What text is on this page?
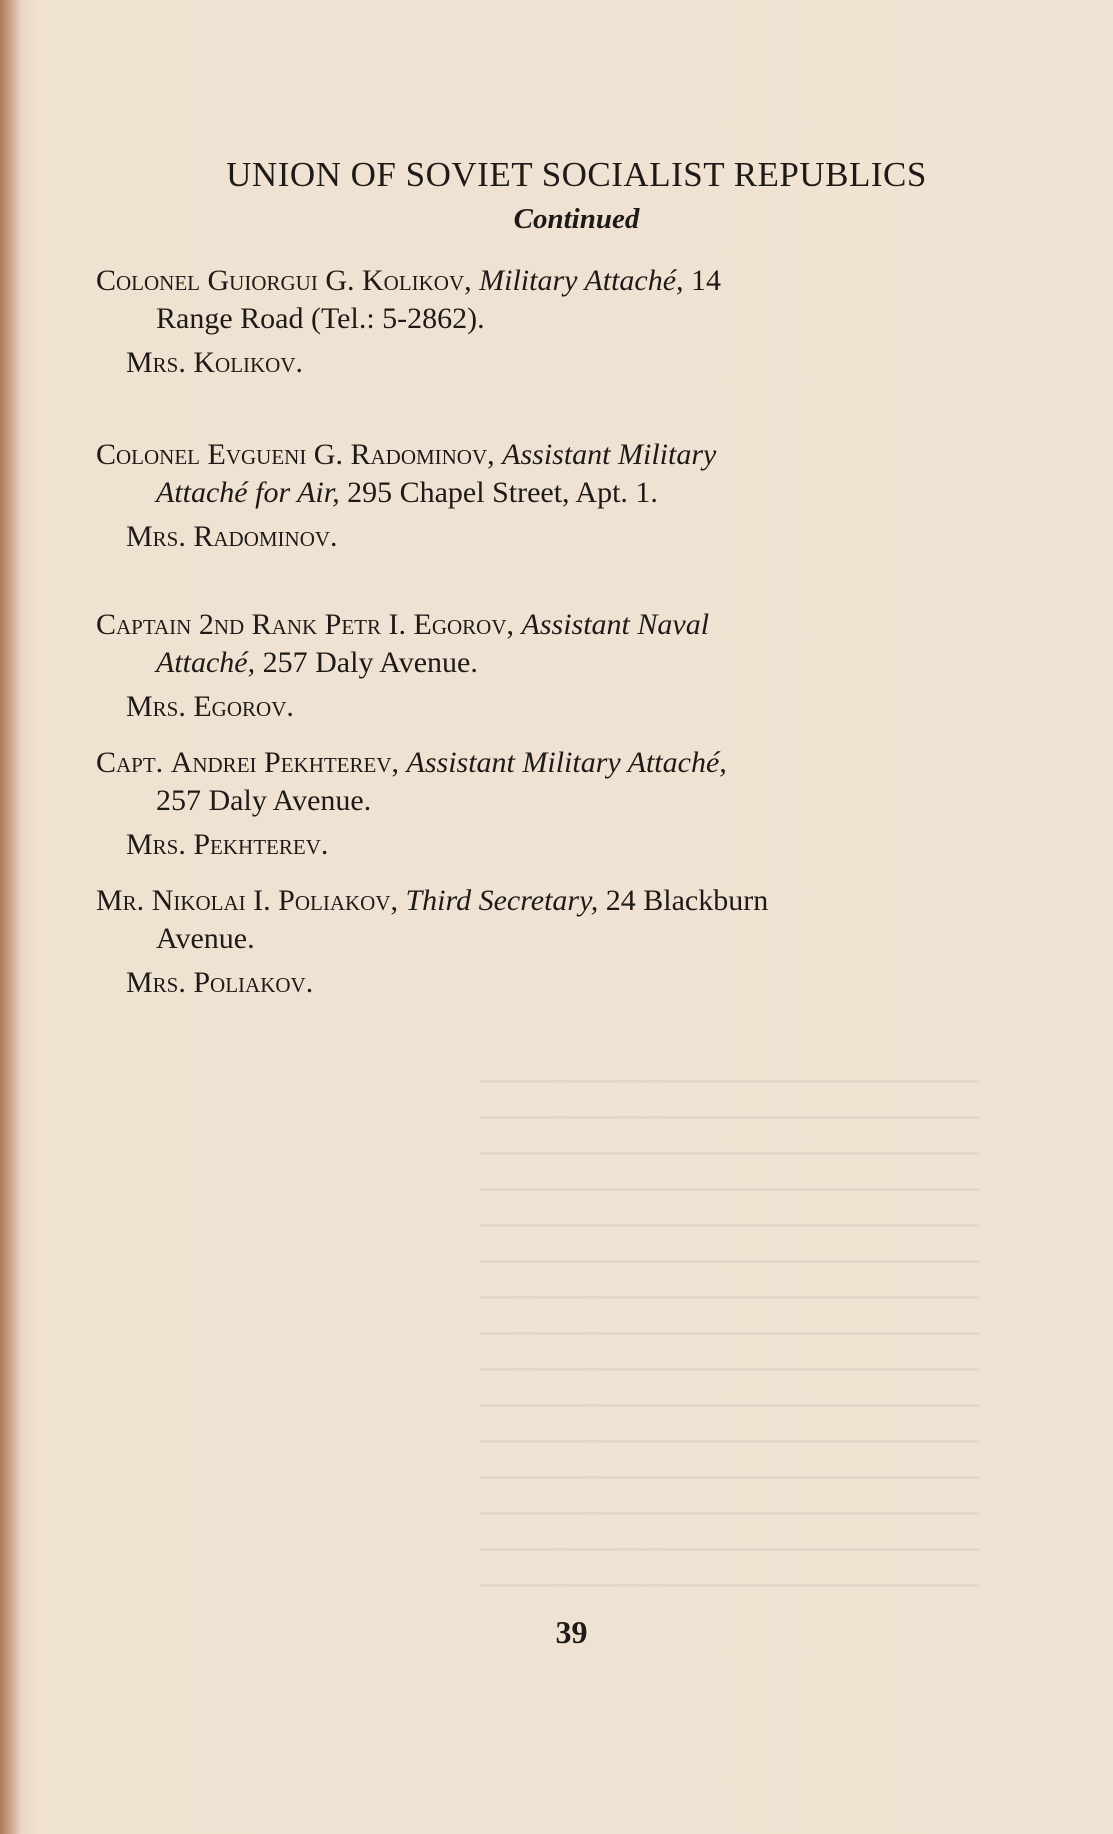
UNION OF SOVIET SOCIALIST REPUBLICS
Continued

Colonel Guiorgui G. Kolikov, Military Attaché, 14

Range Road (Tel.: 5-2862).

Mrs. Kolikov.

Colonel Evgueni G. Radominov, Assistant Military

Attaché for Air, 295 Chapel Street, Apt. 1.

Mrs. Radominov.

Captain 2nd Rank Petr I. Egorov, Assistant Naval

Attaché, 257 Daly Avenue.

Mrs. Egorov.

Capt. Andrei Pekhterev, Assistant Military Attaché,

257 Daly Avenue.

Mrs. Pekhterev.

Mr. Nikolai I. Poliakov, Third Secretary, 24 Blackburn

Avenue.

Mrs. Poliakov.

39
